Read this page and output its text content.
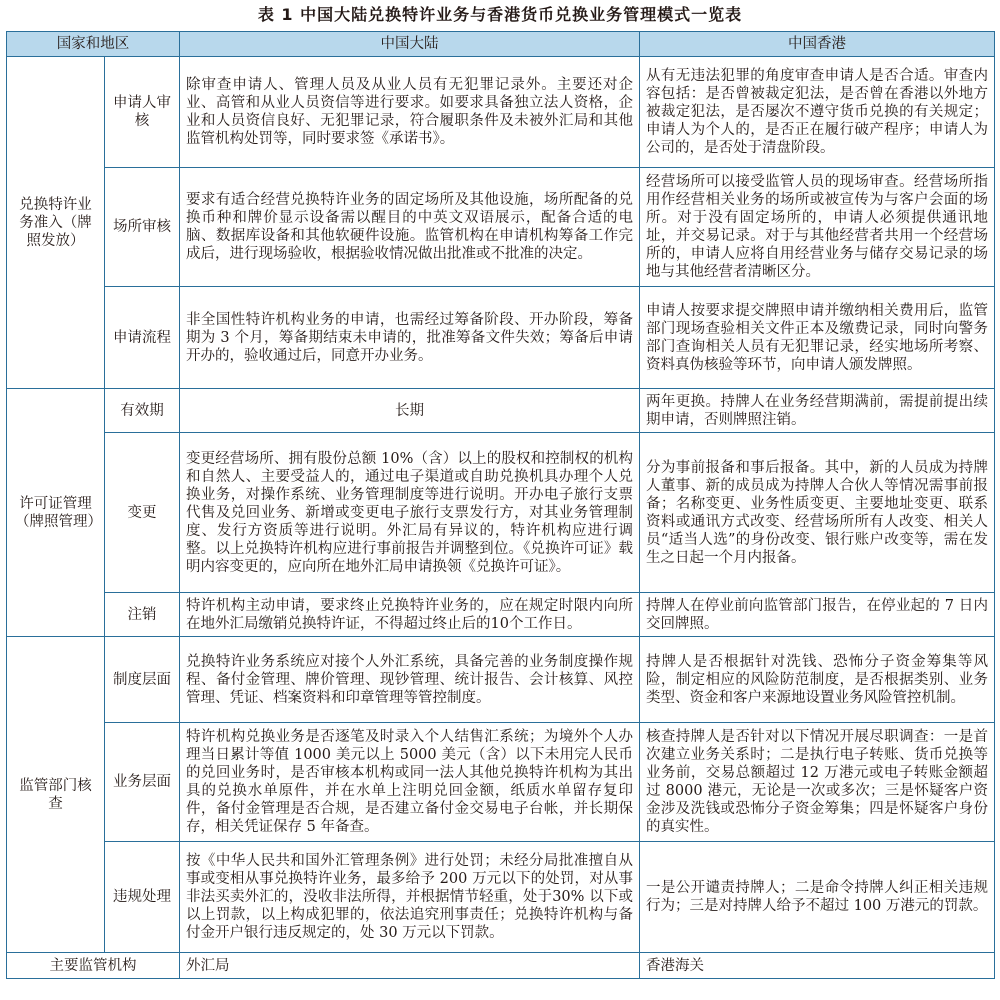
表 1 中国大陆兑换特许业务与香港货币兑换业务管理模式一览表
国家和地区		中国大陆	中国香港
兑换特许业务准入（牌照发放）	申请人审核	除审查申请人、管理人员及从业人员有无犯罪记录外。主要还对企业、高管和从业人员资信等进行要求。如要求具备独立法人资格，企业和人员资信良好、无犯罪记录，符合履职条件及未被外汇局和其他监管机构处罚等，同时要求签《承诺书》。	从有无违法犯罪的角度审查申请人是否合适。审查内容包括：是否曾被裁定犯法，是否曾在香港以外地方被裁定犯法，是否屡次不遵守货币兑换的有关规定；申请人为个人的，是否正在履行破产程序；申请人为公司的，是否处于清盘阶段。
	场所审核	要求有适合经营兑换特许业务的固定场所及其他设施，场所配备的兑换币种和牌价显示设备需以醒目的中英文双语展示，配备合适的电脑、数据库设备和其他软硬件设施。监管机构在申请机构筹备工作完成后，进行现场验收，根据验收情况做出批准或不批准的决定。	经营场所可以接受监管人员的现场审查。经营场所指用作经营相关业务的场所或被宣传为与客户会面的场所。对于没有固定场所的，申请人必须提供通讯地址，并交易记录。对于与其他经营者共用一个经营场所的，申请人应将自用经营业务与储存交易记录的场地与其他经营者清晰区分。
	申请流程	非全国性特许机构业务的申请，也需经过筹备阶段、开办阶段，筹备期为 3 个月，筹备期结束未申请的，批准筹备文件失效；筹备后申请开办的，验收通过后，同意开办业务。	申请人按要求提交牌照申请并缴纳相关费用后，监管部门现场查验相关文件正本及缴费记录，同时向警务部门查询相关人员有无犯罪记录，经实地场所考察、资料真伪核验等环节，向申请人颁发牌照。
许可证管理（牌照管理）	有效期	长期	两年更换。持牌人在业务经营期满前，需提前提出续期申请，否则牌照注销。
	变更	变更经营场所、拥有股份总额 10%（含）以上的股权和控制权的机构和自然人、主要受益人的，通过电子渠道或自助兑换机具办理个人兑换业务，对操作系统、业务管理制度等进行说明。开办电子旅行支票代售及兑回业务、新增或变更电子旅行支票发行方，对其业务管理制度、发行方资质等进行说明。外汇局有异议的，特许机构应进行调整。以上兑换特许机构应进行事前报告并调整到位。《兑换许可证》载明内容变更的，应向所在地外汇局申请换领《兑换许可证》。	分为事前报备和事后报备。其中，新的人员成为持牌人董事、新的成员成为持牌人合伙人等情况需事前报备；名称变更、业务性质变更、主要地址变更、联系资料或通讯方式改变、经营场所所有人改变、相关人员“适当人选”的身份改变、银行账户改变等，需在发生之日起一个月内报备。
	注销	特许机构主动申请，要求终止兑换特许业务的，应在规定时限内向所在地外汇局缴销兑换特许证，不得超过终止后的10个工作日。	持牌人在停业前向监管部门报告，在停业起的 7 日内交回牌照。
监管部门核查	制度层面	兑换特许业务系统应对接个人外汇系统，具备完善的业务制度操作规程、备付金管理、牌价管理、现钞管理、统计报告、会计核算、风控管理、凭证、档案资料和印章管理等管控制度。	持牌人是否根据针对洗钱、恐怖分子资金筹集等风险，制定相应的风险防范制度，是否根据类别、业务类型、资金和客户来源地设置业务风险管控机制。
	业务层面	特许机构兑换业务是否逐笔及时录入个人结售汇系统；为境外个人办理当日累计等值 1000 美元以上 5000 美元（含）以下未用完人民币的兑回业务时，是否审核本机构或同一法人其他兑换特许机构为其出具的兑换水单原件，并在水单上注明兑回金额，纸质水单留存复印件，备付金管理是否合规，是否建立备付金交易电子台帐，并长期保存，相关凭证保存 5 年备查。	核查持牌人是否针对以下情况开展尽职调查：一是首次建立业务关系时；二是执行电子转账、货币兑换等业务前，交易总额超过 12 万港元或电子转账金额超过 8000 港元，无论是一次或多次；三是怀疑客户资金涉及洗钱或恐怖分子资金筹集；四是怀疑客户身份的真实性。
	违规处理	按《中华人民共和国外汇管理条例》进行处罚；未经分局批准擅自从事或变相从事兑换特许业务，最多给予 200 万元以下的处罚，对从事非法买卖外汇的，没收非法所得，并根据情节轻重，处于30% 以下或以上罚款，以上构成犯罪的，依法追究刑事责任；兑换特许机构与备付金开户银行违反规定的，处 30 万元以下罚款。	一是公开谴责持牌人；二是命令持牌人纠正相关违规行为；三是对持牌人给予不超过 100 万港元的罚款。
主要监管机构		外汇局	香港海关
